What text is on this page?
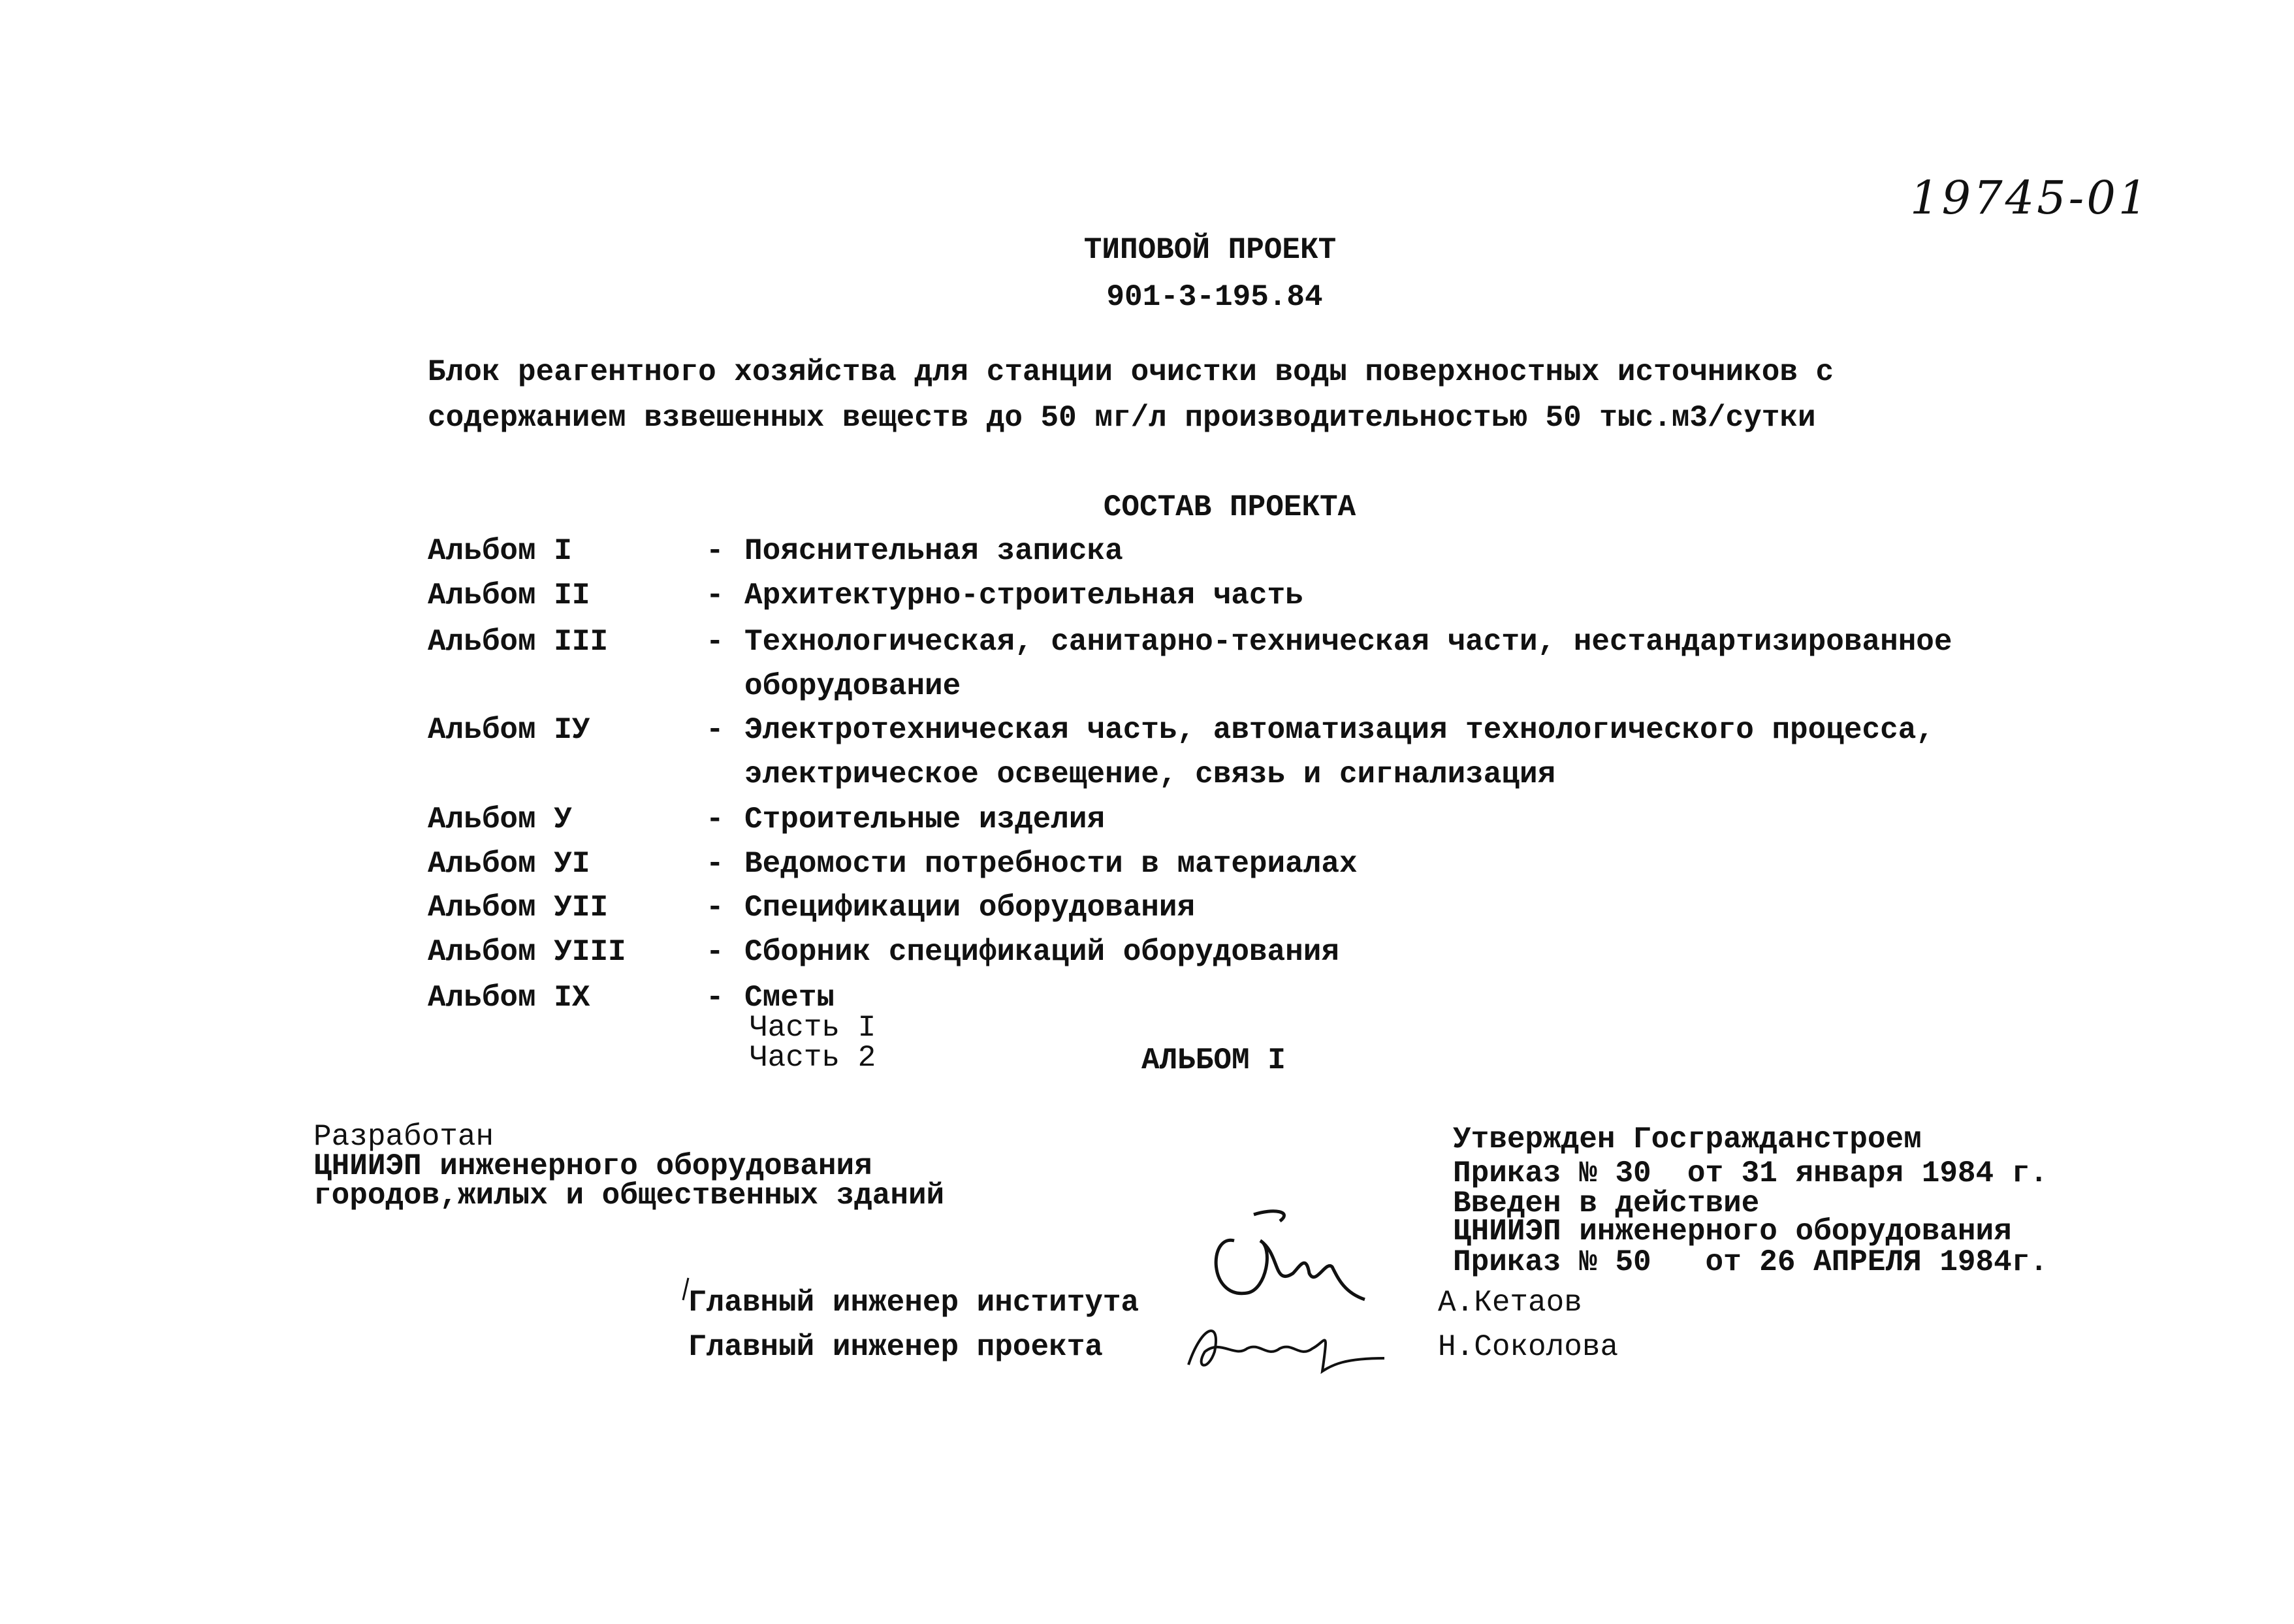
19745-01
ТИПОВОЙ ПРОЕКТ
901-3-195.84
Блок реагентного хозяйства для станции очистки воды поверхностных источников с
содержанием взвешенных веществ до 50 мг/л производительностью 50 тыс.м3/сутки
СОСТАВ ПРОЕКТА
Альбом I	- Пояснительная записка
Альбом II	- Архитектурно-строительная часть
Альбом III	- Технологическая, санитарно-техническая части, нестандартизированное
оборудование
Альбом IУ	- Электротехническая часть, автоматизация технологического процесса,
электрическое освещение, связь и сигнализация
Альбом У	- Строительные изделия
Альбом УI	- Ведомости потребности в материалах
Альбом УII	- Спецификации оборудования
Альбом УIII	- Сборник спецификаций оборудования
Альбом IX	- Сметы
Часть I
Часть 2	АЛЬБОМ I
Разработан
ЦНИИЭП инженерного оборудования
городов,жилых и общественных зданий
Утвержден Госгражданстроем
Приказ № 30  от 31 января 1984 г.
Введен в действие
ЦНИИЭП инженерного оборудования
Приказ № 50   от 26 АПРЕЛЯ 1984г.
Главный инженер института	А.Кетаов
Главный инженер проекта	Н.Соколова
